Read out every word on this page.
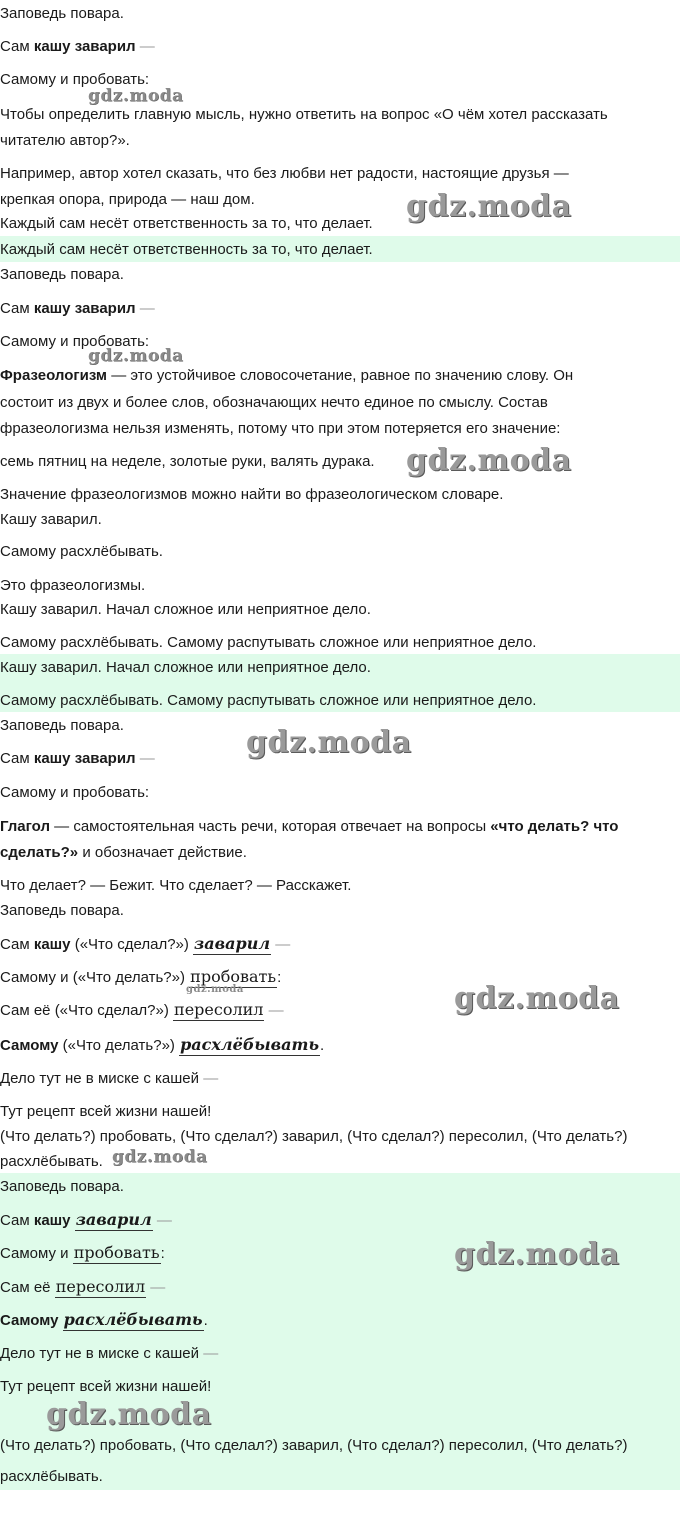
Заповедь повара.
Сам кашу заварил —
Самому и пробовать:
Чтобы определить главную мысль, нужно ответить на вопрос «О чём хотел рассказать
читателю автор?».
Например, автор хотел сказать, что без любви нет радости, настоящие друзья —
крепкая опора, природа — наш дом.
Каждый сам несёт ответственность за то, что делает.
Каждый сам несёт ответственность за то, что делает.
Заповедь повара.
Сам кашу заварил —
Самому и пробовать:
Фразеологизм — это устойчивое словосочетание, равное по значению слову. Он
состоит из двух и более слов, обозначающих нечто единое по смыслу. Состав
фразеологизма нельзя изменять, потому что при этом потеряется его значение:
семь пятниц на неделе, золотые руки, валять дурака.
Значение фразеологизмов можно найти во фразеологическом словаре.
Кашу заварил.
Самому расхлёбывать.
Это фразеологизмы.
Кашу заварил. Начал сложное или неприятное дело.
Самому расхлёбывать. Самому распутывать сложное или неприятное дело.
Кашу заварил. Начал сложное или неприятное дело.
Самому расхлёбывать. Самому распутывать сложное или неприятное дело.
Заповедь повара.
Сам кашу заварил —
Самому и пробовать:
Глагол — самостоятельная часть речи, которая отвечает на вопросы «что делать? что
сделать?» и обозначает действие.
Что делает? — Бежит. Что сделает? — Расскажет.
Заповедь повара.
Сам кашу («Что сделал?») заварил —
Самому и («Что делать?») пробовать:
Сам её («Что сделал?») пересолил —
Самому («Что делать?») расхлёбывать.
Дело тут не в миске с кашей —
Тут рецепт всей жизни нашей!
(Что делать?) пробовать, (Что сделал?) заварил, (Что сделал?) пересолил, (Что делать?)
расхлёбывать.
Заповедь повара.
Сам кашу заварил —
Самому и пробовать:
Сам её пересолил —
Самому расхлёбывать.
Дело тут не в миске с кашей —
Тут рецепт всей жизни нашей!
(Что делать?) пробовать, (Что сделал?) заварил, (Что сделал?) пересолил, (Что делать?)
расхлёбывать.
gdz.moda
gdz.moda
gdz.moda
gdz.moda
gdz.moda
gdz.moda	gdz.moda
gdz.moda
gdz.moda
gdz.moda
